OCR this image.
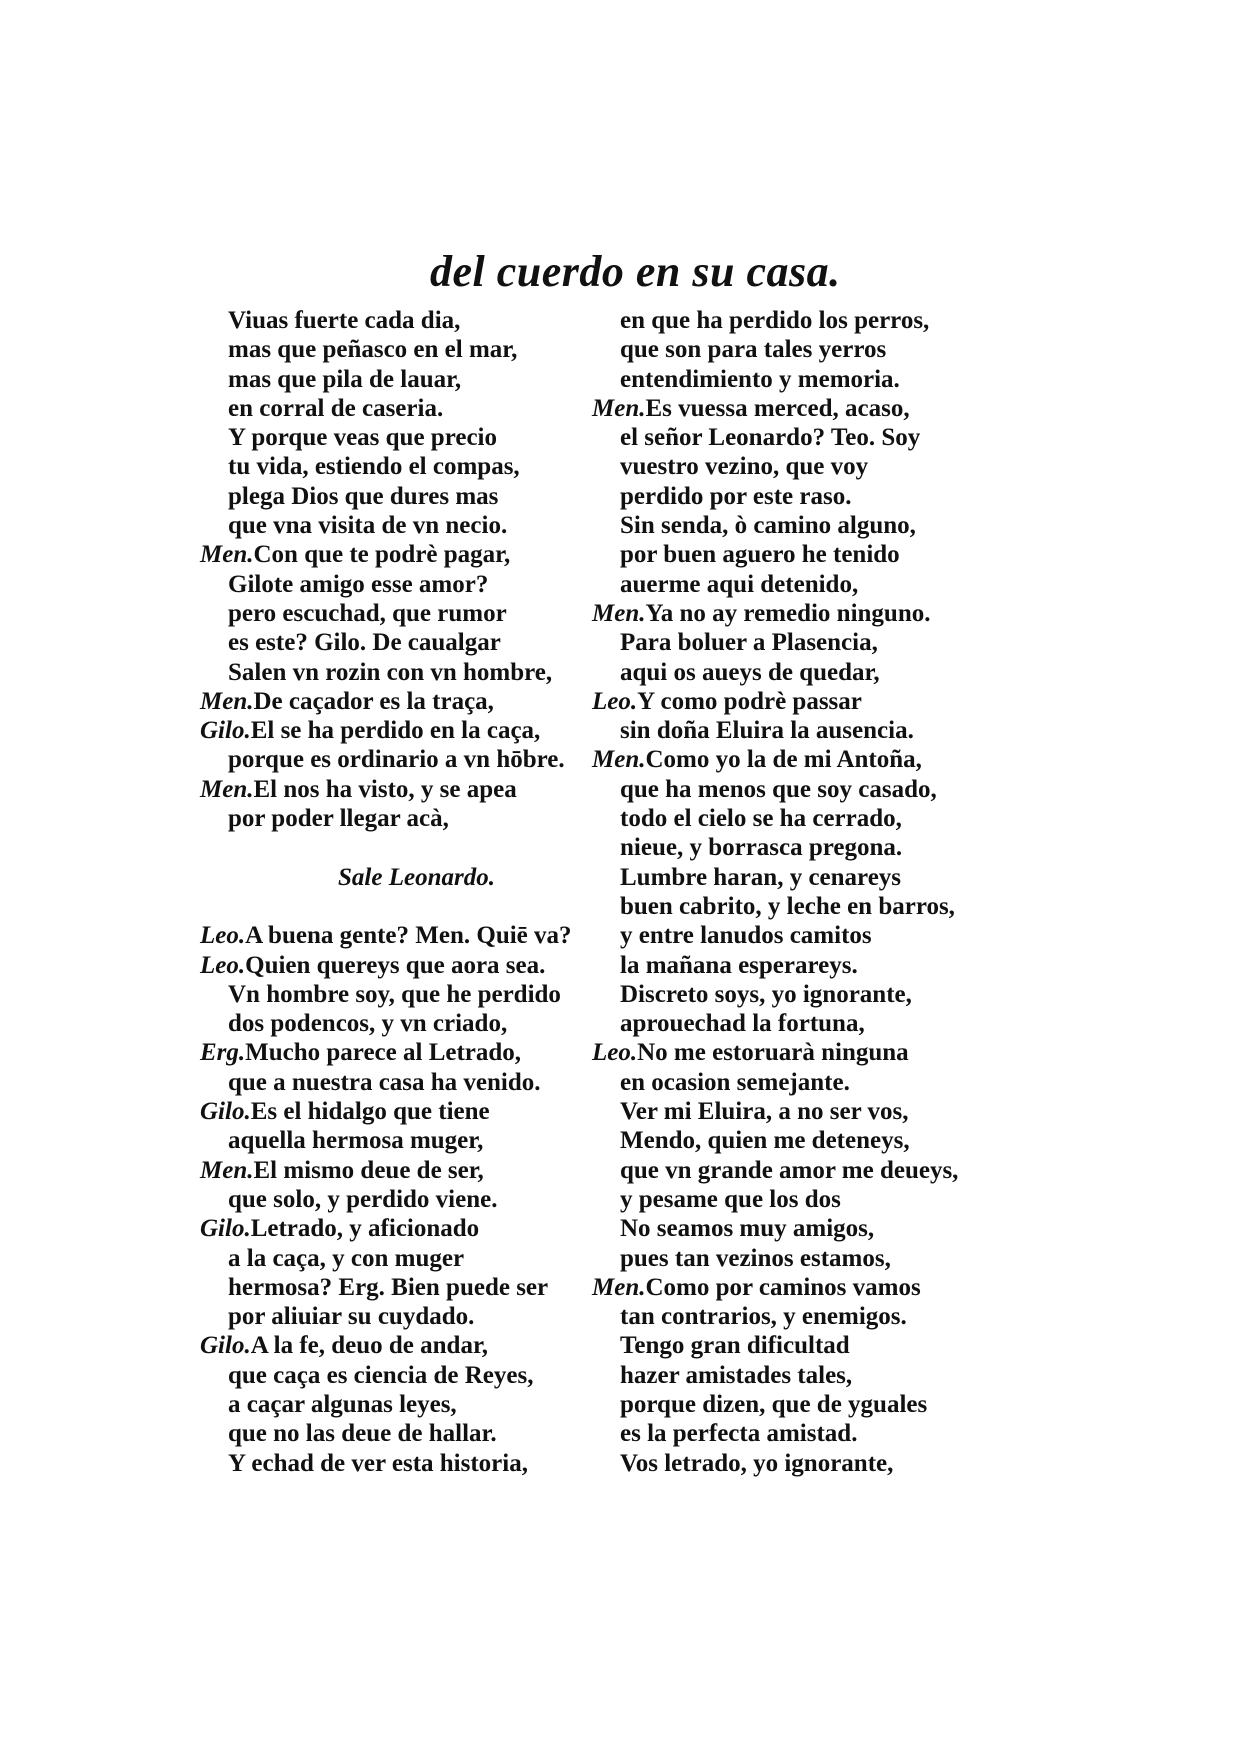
del cuerdo en su casa.
Viuas fuerte cada dia,
mas que peñasco en el mar,
mas que pila de lauar,
en corral de caseria.
Y porque veas que precio
tu vida, estiendo el compas,
plega Dios que dures mas
que vna visita de vn necio.
Men.Con que te podrè pagar,
Gilote amigo esse amor?
pero escuchad, que rumor
es este? Gilo. De caualgar
Salen vn rozin con vn hombre,
Men.De caçador es la traça,
Gilo.El se ha perdido en la caça,
porque es ordinario a vn hōbre.
Men.El nos ha visto, y se apea
por poder llegar acà,
Sale Leonardo.
Leo.A buena gente? Men. Quiē va?
Leo.Quien quereys que aora sea.
Vn hombre soy, que he perdido
dos podencos, y vn criado,
Erg.Mucho parece al Letrado,
que a nuestra casa ha venido.
Gilo.Es el hidalgo que tiene
aquella hermosa muger,
Men.El mismo deue de ser,
que solo, y perdido viene.
Gilo.Letrado, y aficionado
a la caça, y con muger
hermosa? Erg. Bien puede ser
por aliuiar su cuydado.
Gilo.A la fe, deuo de andar,
que caça es ciencia de Reyes,
a caçar algunas leyes,
que no las deue de hallar.
Y echad de ver esta historia,
en que ha perdido los perros,
que son para tales yerros
entendimiento y memoria.
Men.Es vuessa merced, acaso,
el señor Leonardo? Teo. Soy
vuestro vezino, que voy
perdido por este raso.
Sin senda, ò camino alguno,
por buen aguero he tenido
auerme aqui detenido,
Men.Ya no ay remedio ninguno.
Para boluer a Plasencia,
aqui os aueys de quedar,
Leo.Y como podrè passar
sin doña Eluira la ausencia.
Men.Como yo la de mi Antoña,
que ha menos que soy casado,
todo el cielo se ha cerrado,
nieue, y borrasca pregona.
Lumbre haran, y cenareys
buen cabrito, y leche en barros,
y entre lanudos camitos
la mañana esperareys.
Discreto soys, yo ignorante,
aprouechad la fortuna,
Leo.No me estoruarà ninguna
en ocasion semejante.
Ver mi Eluira, a no ser vos,
Mendo, quien me deteneys,
que vn grande amor me deueys,
y pesame que los dos
No seamos muy amigos,
pues tan vezinos estamos,
Men.Como por caminos vamos
tan contrarios, y enemigos.
Tengo gran dificultad
hazer amistades tales,
porque dizen, que de yguales
es la perfecta amistad.
Vos letrado, yo ignorante,
